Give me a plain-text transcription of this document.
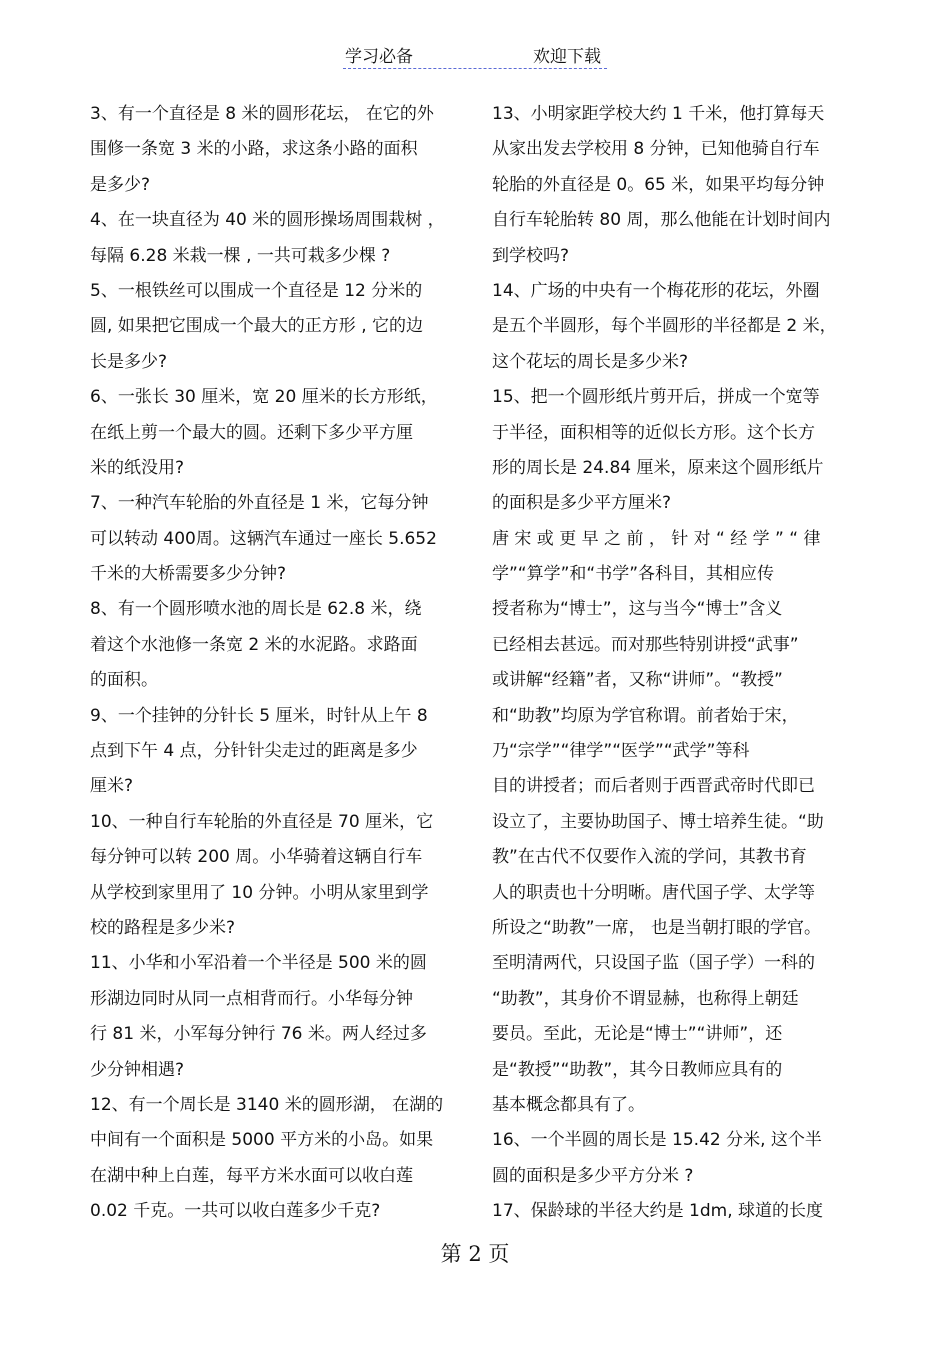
学习必备	欢迎下载
3、有一个直径是 8 米的圆形花坛， 在它的外
围修一条宽 3 米的小路，求这条小路的面积
是多少?
4、在一块直径为 40 米的圆形操场周围栽树 ，
每隔 6.28 米栽一棵 , 一共可栽多少棵 ?
5、一根铁丝可以围成一个直径是 12 分米的
圆, 如果把它围成一个最大的正方形 , 它的边
长是多少?
6、一张长 30 厘米，宽 20 厘米的长方形纸，
在纸上剪一个最大的圆。还剩下多少平方厘
米的纸没用?
7、一种汽车轮胎的外直径是 1 米，它每分钟
可以转动 400周。这辆汽车通过一座长 5.652
千米的大桥需要多少分钟?
8、有一个圆形喷水池的周长是 62.8 米，绕
着这个水池修一条宽 2 米的水泥路。求路面
的面积。
9、一个挂钟的分针长 5 厘米，时针从上午 8
点到下午 4 点，分针针尖走过的距离是多少
厘米?
10、一种自行车轮胎的外直径是 70 厘米，它
每分钟可以转 200 周。小华骑着这辆自行车
从学校到家里用了 10 分钟。小明从家里到学
校的路程是多少米?
11、小华和小军沿着一个半径是 500 米的圆
形湖边同时从同一点相背而行。小华每分钟
行 81 米，小军每分钟行 76 米。两人经过多
少分钟相遇?
12、有一个周长是 3140 米的圆形湖， 在湖的
中间有一个面积是 5000 平方米的小岛。如果
在湖中种上白莲，每平方米水面可以收白莲
0.02 千克。一共可以收白莲多少千克?
13、小明家距学校大约 1 千米，他打算每天
从家出发去学校用 8 分钟，已知他骑自行车
轮胎的外直径是 0。65 米，如果平均每分钟
自行车轮胎转 80 周，那么他能在计划时间内
到学校吗?
14、广场的中央有一个梅花形的花坛，外圈
是五个半圆形，每个半圆形的半径都是 2 米，
这个花坛的周长是多少米?
15、把一个圆形纸片剪开后，拼成一个宽等
于半径，面积相等的近似长方形。这个长方
形的周长是 24.84 厘米，原来这个圆形纸片
的面积是多少平方厘米?
唐 宋 或 更 早 之 前 ， 针 对 “ 经 学 ” “ 律
学”“算学”和“书学”各科目，其相应传
授者称为“博士”，这与当今“博士”含义
已经相去甚远。而对那些特别讲授“武事”
或讲解“经籍”者，又称“讲师”。“教授”
和“助教”均原为学官称谓。前者始于宋，
乃“宗学”“律学”“医学”“武学”等科
目的讲授者；而后者则于西晋武帝时代即已
设立了，主要协助国子、博士培养生徒。“助
教”在古代不仅要作入流的学问，其教书育
人的职责也十分明晰。唐代国子学、太学等
所设之“助教”一席， 也是当朝打眼的学官。
至明清两代，只设国子监（国子学）一科的
“助教”，其身价不谓显赫，也称得上朝廷
要员。至此，无论是“博士”“讲师”，还
是“教授”“助教”，其今日教师应具有的
基本概念都具有了。
16、一个半圆的周长是 15.42 分米, 这个半
圆的面积是多少平方分米 ?
17、保龄球的半径大约是 1dm, 球道的长度
第 2 页
